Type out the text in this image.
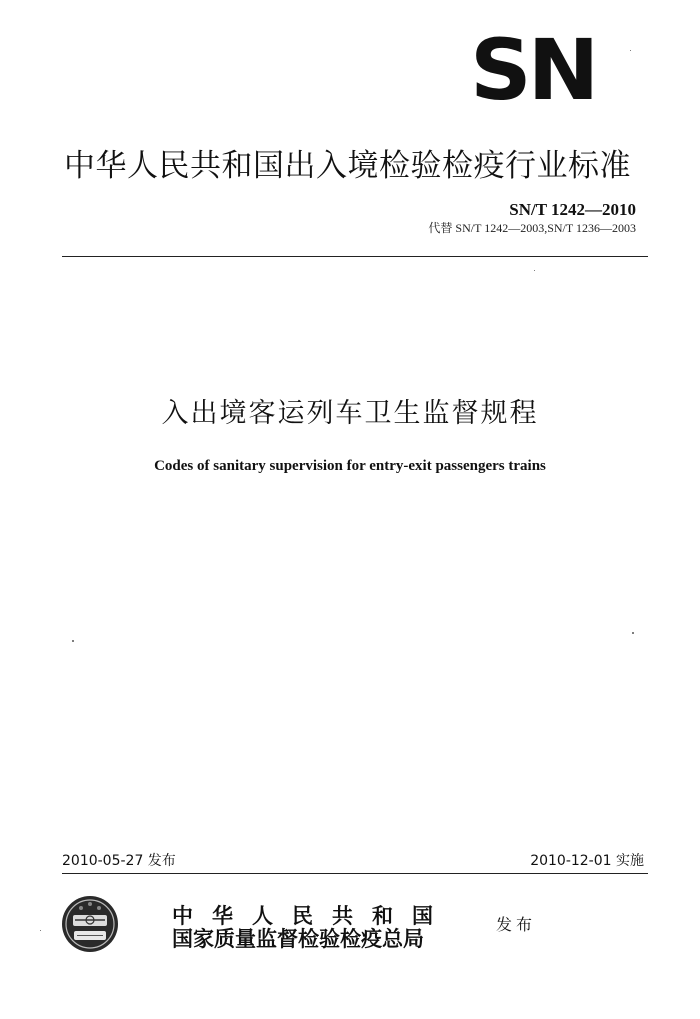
SN
中华人民共和国出入境检验检疫行业标准
SN/T 1242—2010
代替 SN/T 1242—2003,SN/T 1236—2003
入出境客运列车卫生监督规程
Codes of sanitary supervision for entry-exit passengers trains
2010-05-27 发布	2010-12-01 实施
中华人民共和国
国家质量监督检验检疫总局
发布
